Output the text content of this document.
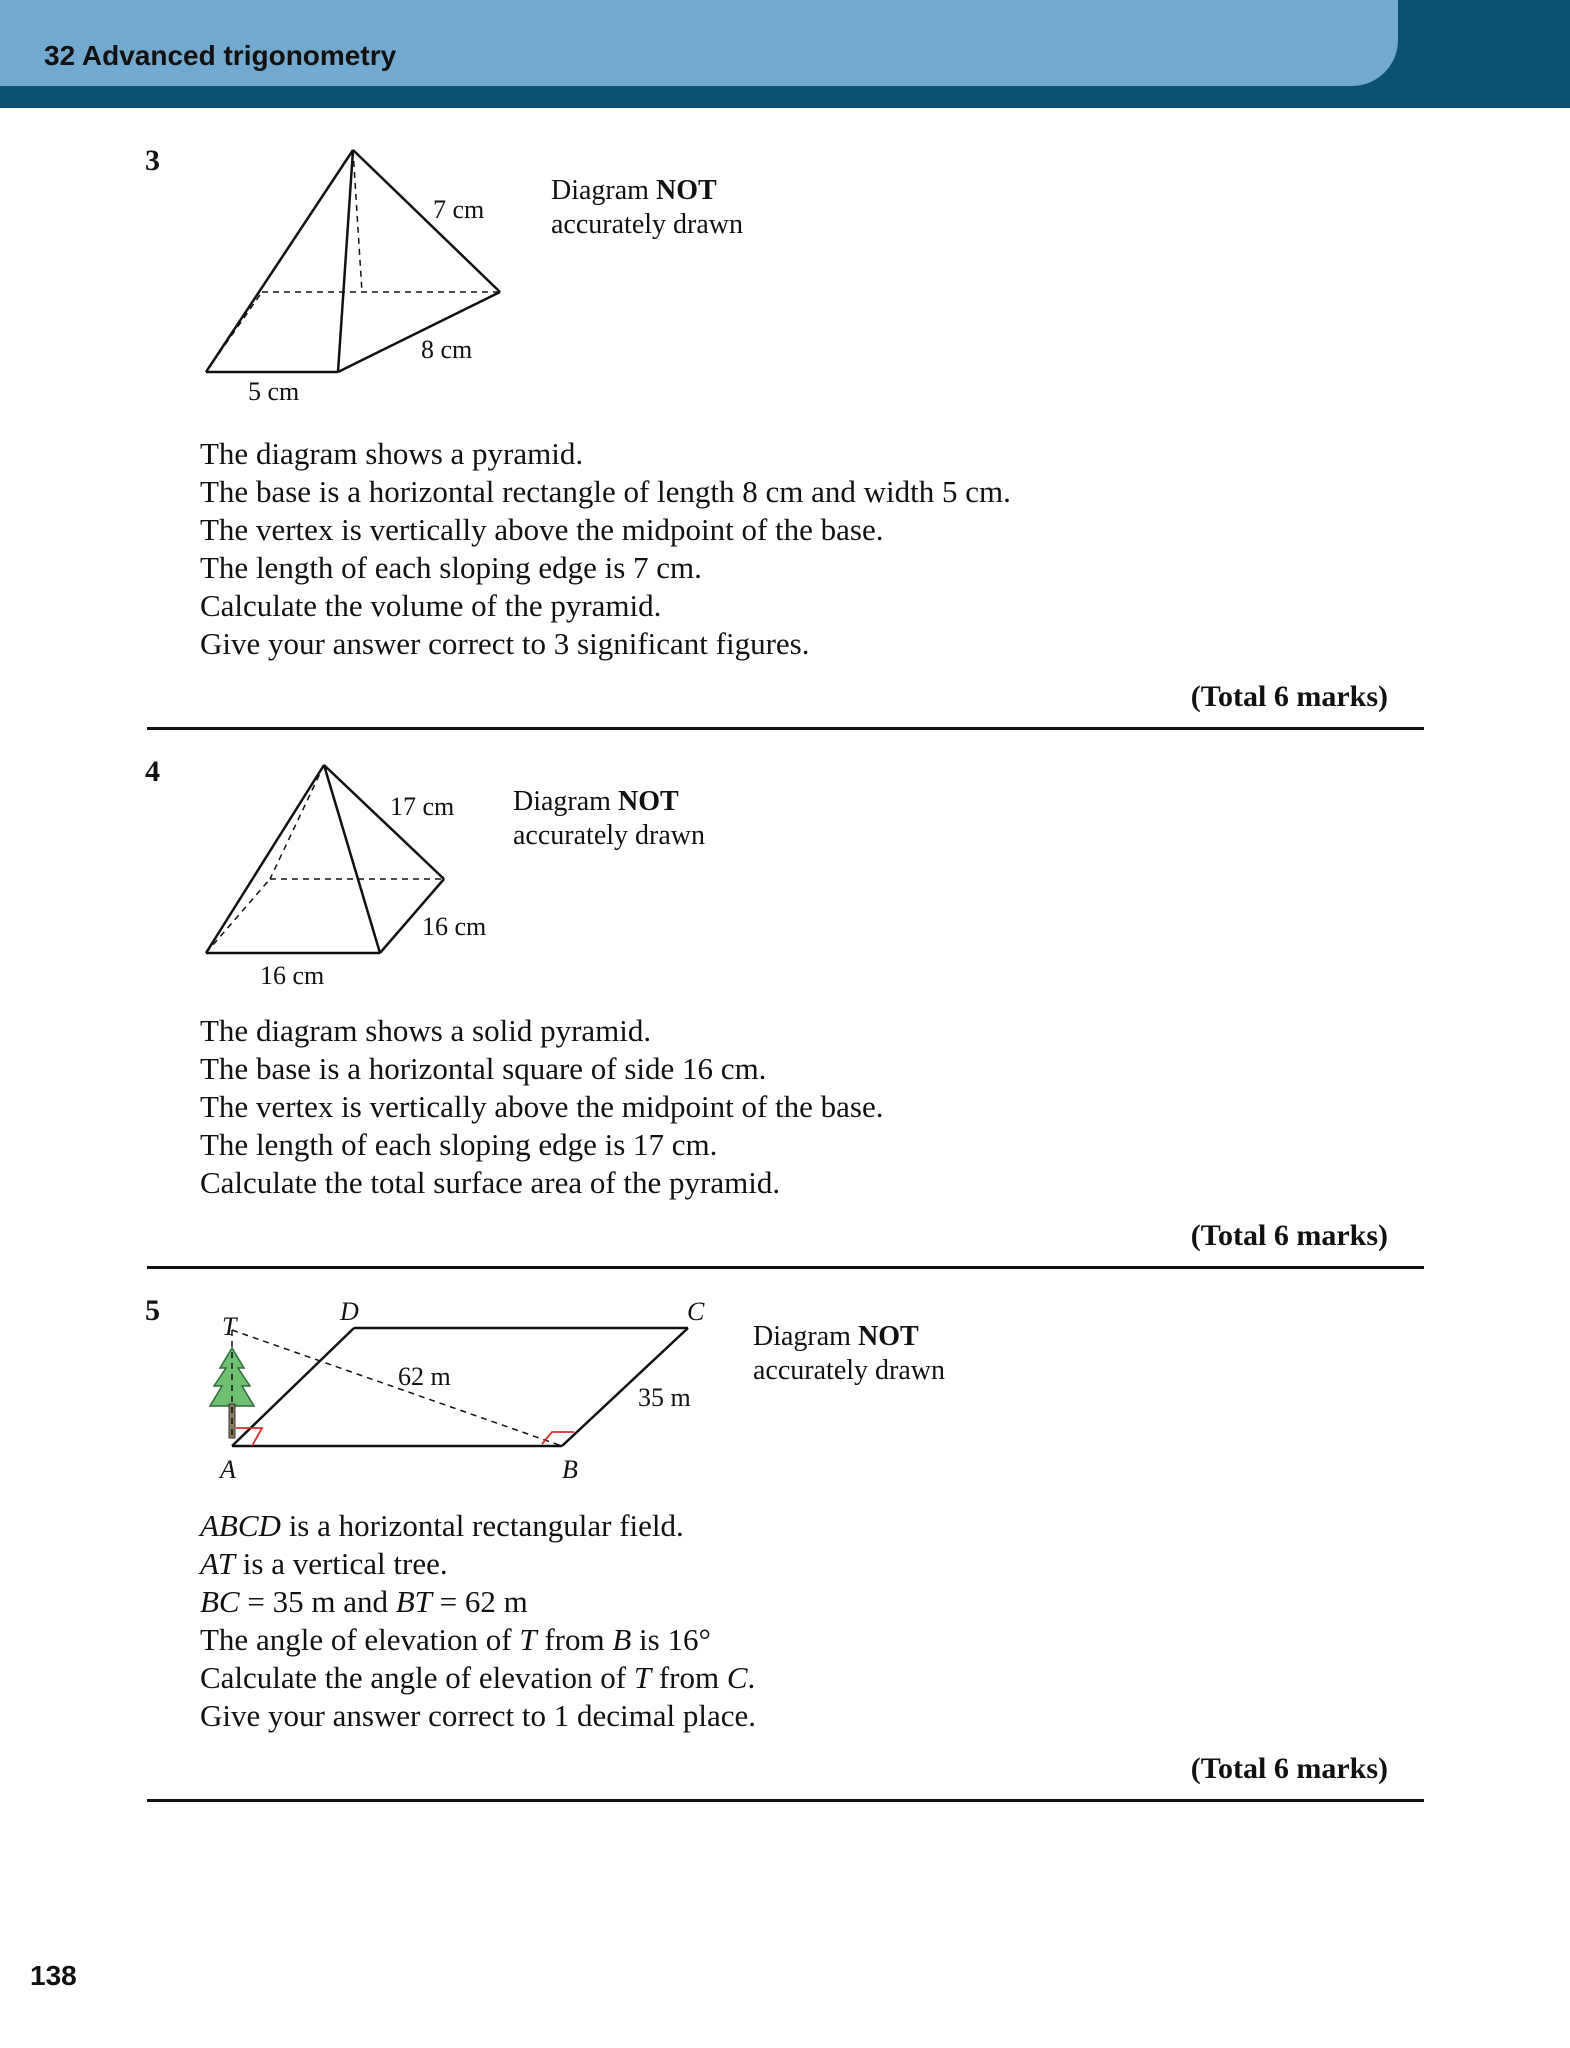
32 Advanced trigonometry
3
7 cm
8 cm
5 cm
Diagram NOT
accurately drawn
The diagram shows a pyramid.
The base is a horizontal rectangle of length 8 cm and width 5 cm.
The vertex is vertically above the midpoint of the base.
The length of each sloping edge is 7 cm.
Calculate the volume of the pyramid.
Give your answer correct to 3 significant figures.
(Total 6 marks)
4
17 cm
16 cm
16 cm
Diagram NOT
accurately drawn
The diagram shows a solid pyramid.
The base is a horizontal square of side 16 cm.
The vertex is vertically above the midpoint of the base.
The length of each sloping edge is 17 cm.
Calculate the total surface area of the pyramid.
(Total 6 marks)
5
A	B
C
D
T
62 m
35 m
Diagram NOT
accurately drawn
ABCD is a horizontal rectangular field.
AT is a vertical tree.
BC = 35 m and BT = 62 m
The angle of elevation of T from B is 16°
Calculate the angle of elevation of T from C.
Give your answer correct to 1 decimal place.
(Total 6 marks)
138
